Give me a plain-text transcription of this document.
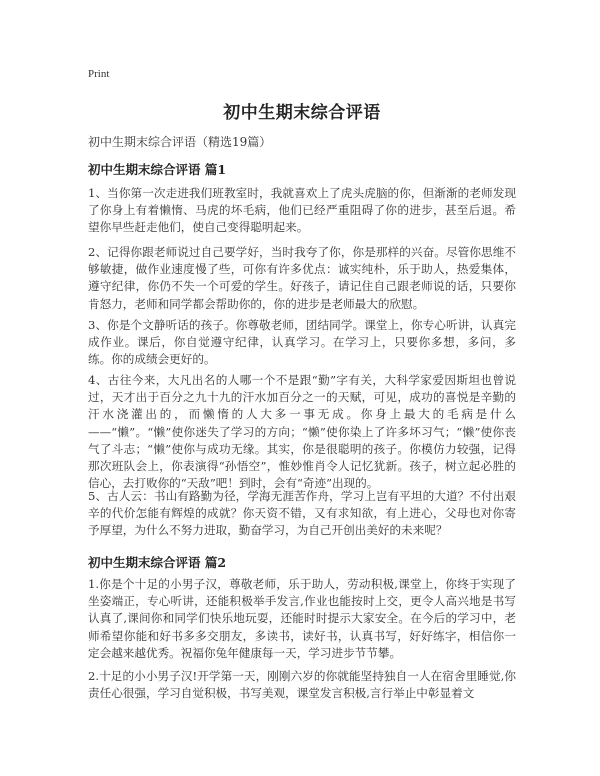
Print
初中生期末综合评语
初中生期末综合评语（精选19篇）
初中生期末综合评语 篇1
1、当你第一次走进我们班教室时，我就喜欢上了虎头虎脑的你，但渐渐的老师发现了你身上有着懒惰、马虎的坏毛病，他们已经严重阻碍了你的进步，甚至后退。希望你早些赶走他们，使自己变得聪明起来。
2、记得你跟老师说过自己要学好，当时我夸了你，你是那样的兴奋。尽管你思维不够敏捷，做作业速度慢了些，可你有许多优点：诚实纯朴，乐于助人，热爱集体，遵守纪律，你仍不失一个可爱的学生。好孩子，请记住自己跟老师说的话，只要你肯怒力，老师和同学都会帮助你的，你的进步是老师最大的欣慰。
3、你是个文静听话的孩子。你尊敬老师，团结同学。课堂上，你专心听讲，认真完成作业。课后，你自觉遵守纪律，认真学习。在学习上，只要你多想，多问，多练。你的成绩会更好的。
4、古往今来，大凡出名的人哪一个不是跟“勤”字有关，大科学家爱因斯坦也曾说过，天才出于百分之九十九的汗水加百分之一的天赋，可见，成功的喜悦是辛勤的汗水浇灌出的，而懒惰的人大多一事无成。你身上最大的毛病是什么——“懒”。“懒”使你迷失了学习的方向；“懒”使你染上了许多坏习气；“懒”使你丧气了斗志；“懒”使你与成功无缘。其实，你是很聪明的孩子。你模仿力较强，记得那次班队会上，你表演得“孙悟空”，惟妙惟肖令人记忆犹新。孩子，树立起必胜的信心，去打败你的“天敌”吧！到时，会有“奇迹”出现的。
5、古人云：书山有路勤为径，学海无涯苦作舟，学习上岂有平坦的大道？不付出艰辛的代价怎能有辉煌的成就？你天资不错，又有求知欲，有上进心，父母也对你寄予厚望，为什么不努力进取，勤奋学习，为自己开创出美好的未来呢？
初中生期末综合评语 篇2
1.你是个十足的小男子汉，尊敬老师，乐于助人，劳动积极,课堂上，你终于实现了坐姿端正，专心听讲，还能积极举手发言,作业也能按时上交，更令人高兴地是书写认真了,课间你和同学们快乐地玩耍，还能时时提示大家安全。在今后的学习中，老师希望你能和好书多多交朋友，多读书，读好书，认真书写，好好练字，相信你一定会越来越优秀。祝福你兔年健康每一天，学习进步节节攀。
2.十足的小小男子汉!开学第一天，刚刚六岁的你就能坚持独自一人在宿舍里睡觉,你责任心很强，学习自觉积极，书写美观，课堂发言积极,言行举止中彰显着文
